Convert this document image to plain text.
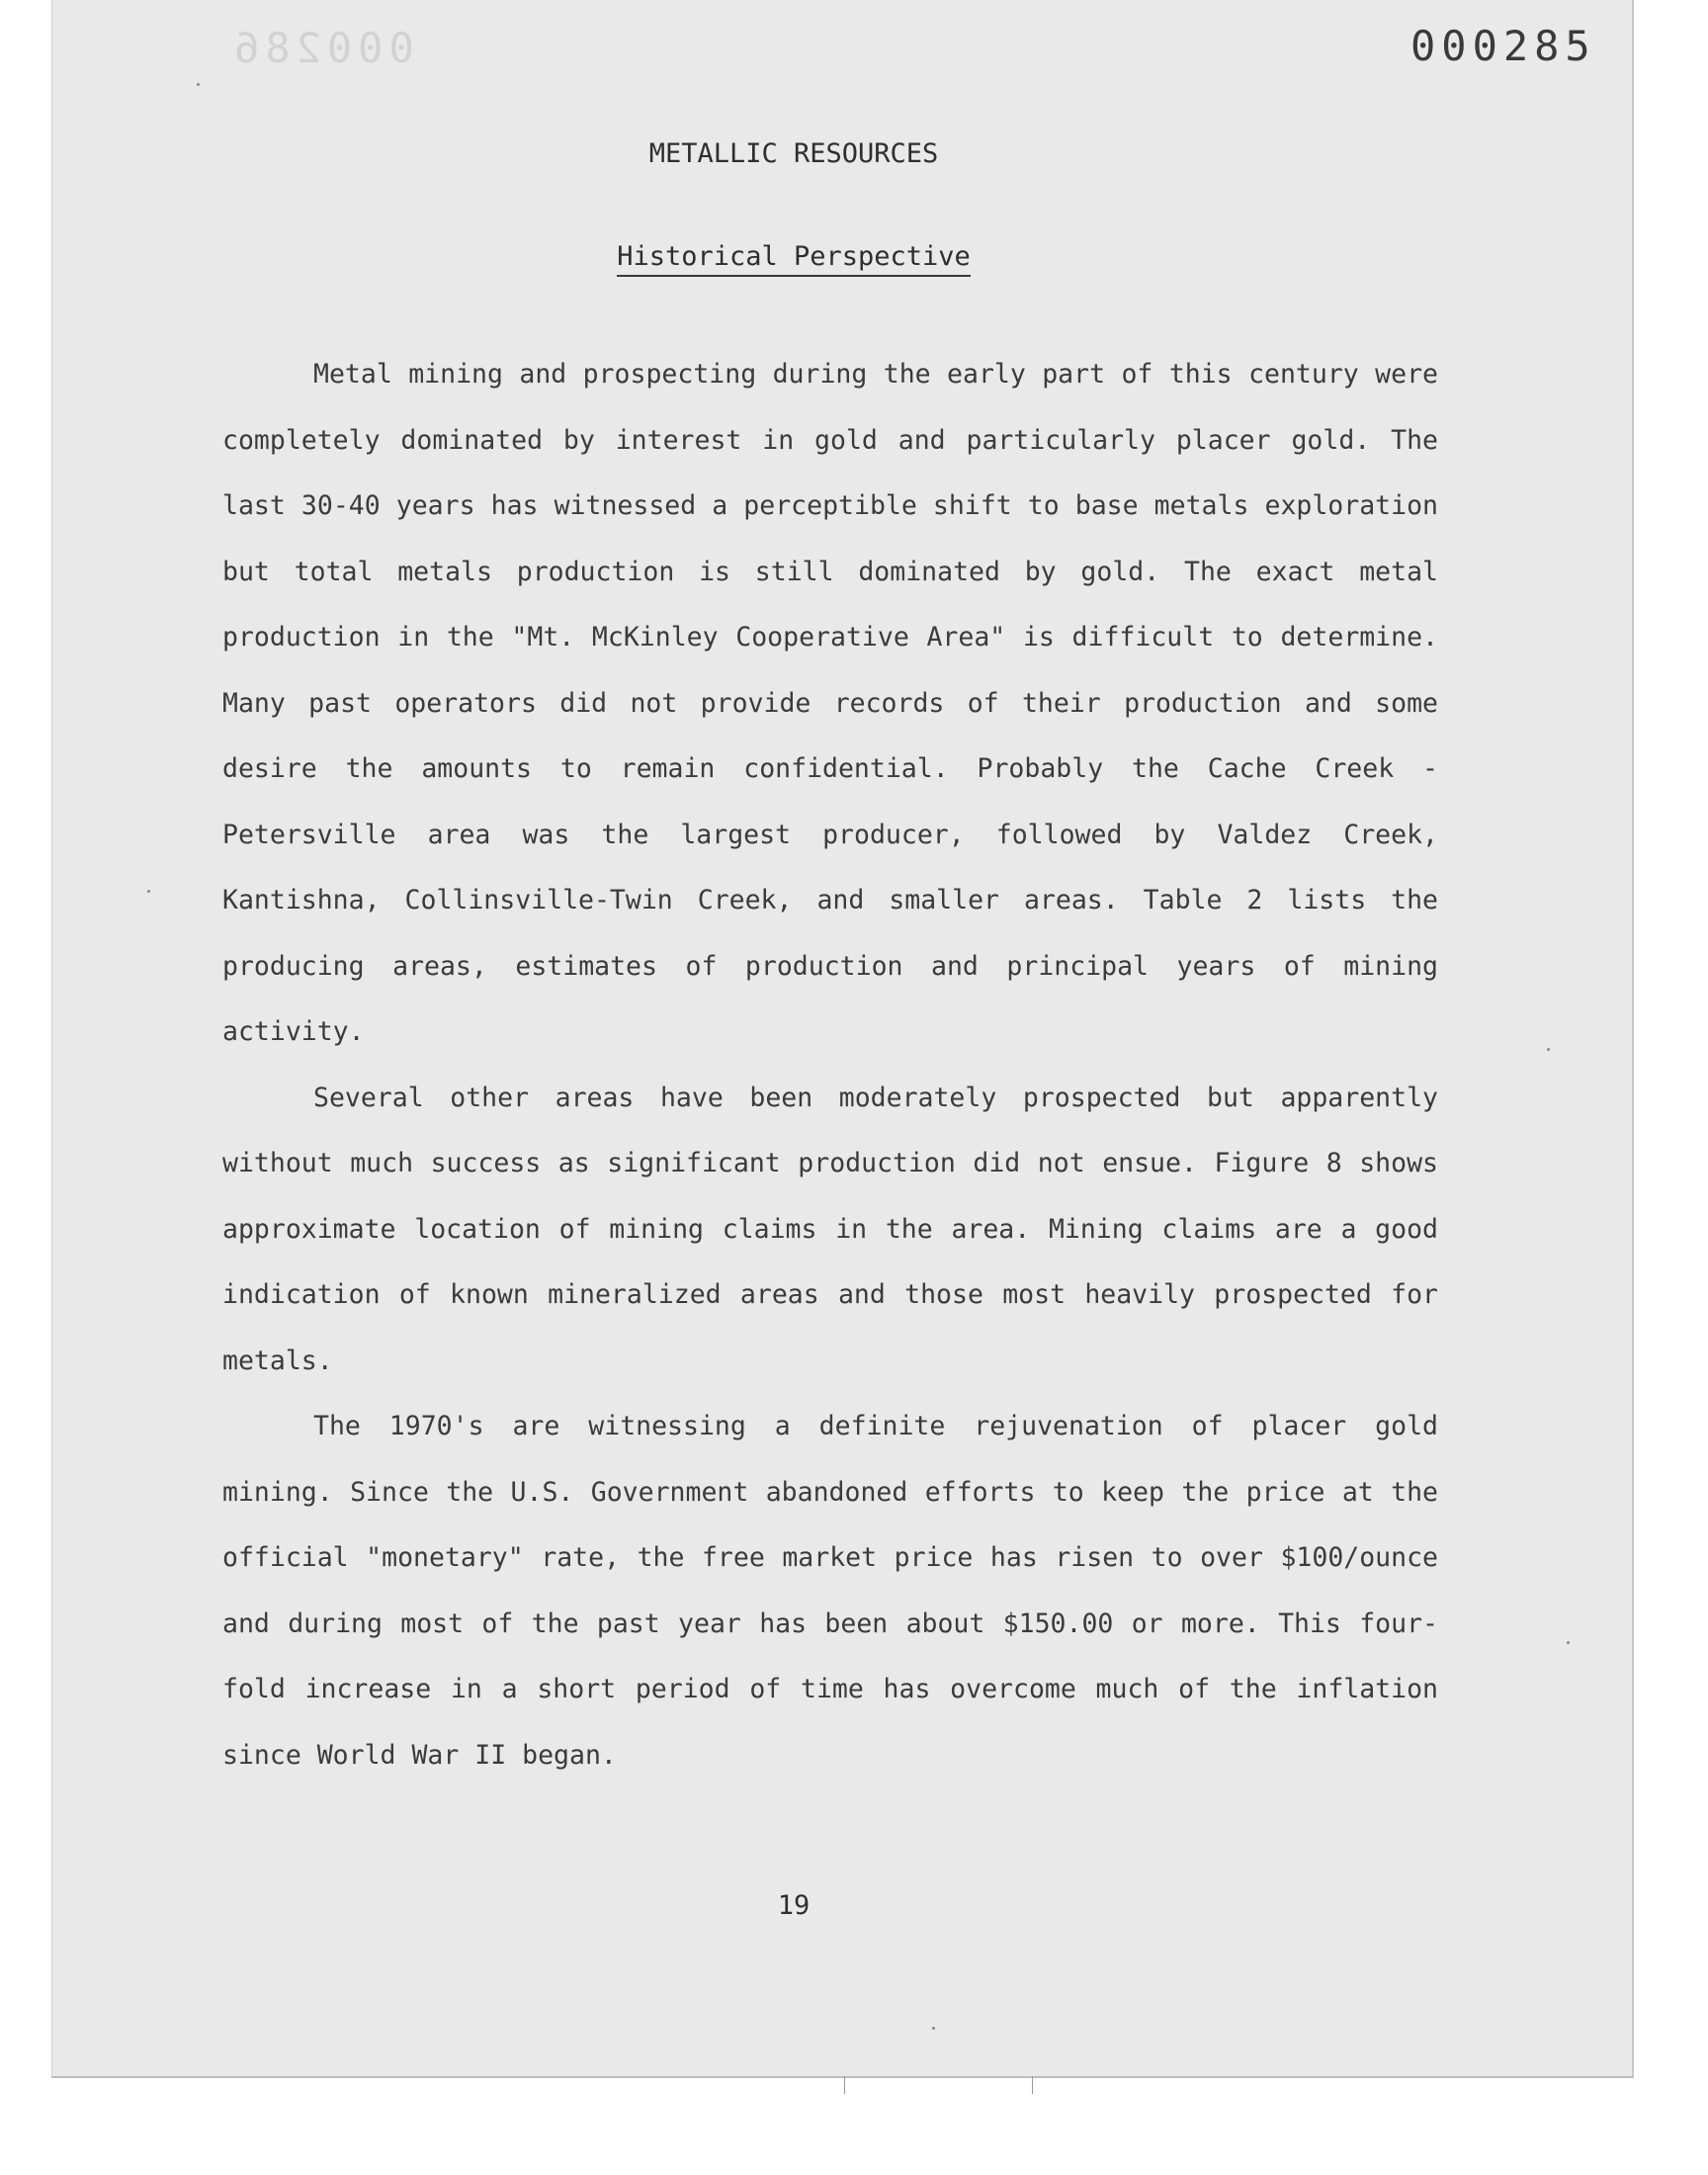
000286	000285

METALLIC RESOURCES
Historical Perspective

Metal mining and prospecting during the early part of this century were completely dominated by interest in gold and particularly placer gold. The last 30-40 years has witnessed a perceptible shift to base metals exploration but total metals production is still dominated by gold. The exact metal production in the "Mt. McKinley Cooperative Area" is difficult to determine. Many past operators did not provide records of their production and some desire the amounts to remain confidential. Probably the Cache Creek - Petersville area was the largest producer, followed by Valdez Creek, Kantishna, Collinsville-Twin Creek, and smaller areas. Table 2 lists the producing areas, estimates of production and principal years of mining activity.

Several other areas have been moderately prospected but apparently without much success as significant production did not ensue. Figure 8 shows approximate location of mining claims in the area. Mining claims are a good indication of known mineralized areas and those most heavily prospected for metals.

The 1970's are witnessing a definite rejuvenation of placer gold mining. Since the U.S. Government abandoned efforts to keep the price at the official "monetary" rate, the free market price has risen to over $100/ounce and during most of the past year has been about $150.00 or more. This four-fold increase in a short period of time has overcome much of the inflation since World War II began.

19
